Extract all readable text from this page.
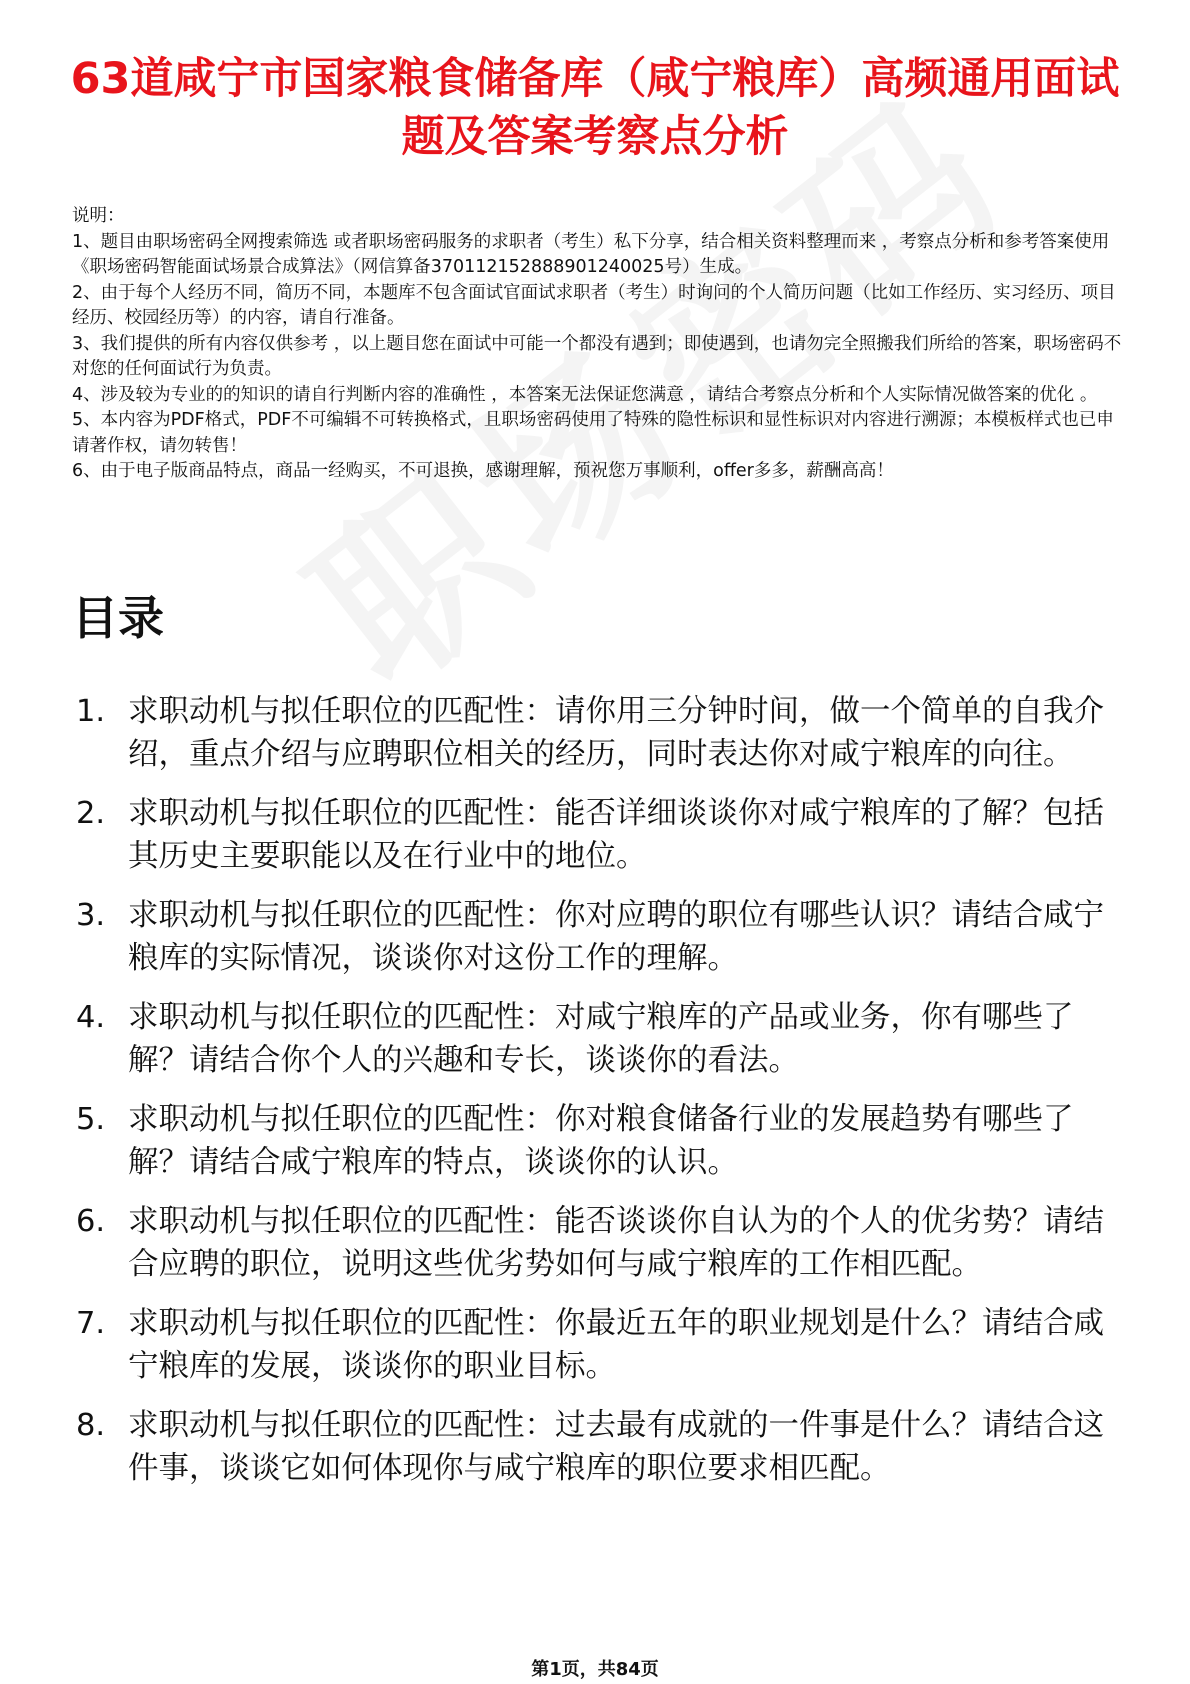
63道咸宁市国家粮食储备库（咸宁粮库）高频通用面试题及答案考察点分析

说明：

1、题目由职场密码全网搜索筛选 或者职场密码服务的求职者（考生）私下分享，结合相关资料整理而来 ，考察点分析和参考答案使用《职场密码智能面试场景合成算法》（网信算备370112152888901240025号）生成。

2、由于每个人经历不同，简历不同，本题库不包含面试官面试求职者（考生）时询问的个人简历问题（比如工作经历、实习经历、项目经历、校园经历等）的内容，请自行准备。

3、我们提供的所有内容仅供参考 ，以上题目您在面试中可能一个都没有遇到；即使遇到，也请勿完全照搬我们所给的答案，职场密码不对您的任何面试行为负责。

4、涉及较为专业的的知识的请自行判断内容的准确性 ，本答案无法保证您满意 ，请结合考察点分析和个人实际情况做答案的优化 。

5、本内容为PDF格式，PDF不可编辑不可转换格式，且职场密码使用了特殊的隐性标识和显性标识对内容进行溯源；本模板样式也已申请著作权，请勿转售！

6、由于电子版商品特点，商品一经购买，不可退换，感谢理解，预祝您万事顺利，offer多多，薪酬高高！

目录
1. 求职动机与拟任职位的匹配性：请你用三分钟时间，做一个简单的自我介绍，重点介绍与应聘职位相关的经历，同时表达你对咸宁粮库的向往。
2. 求职动机与拟任职位的匹配性：能否详细谈谈你对咸宁粮库的了解？包括其历史主要职能以及在行业中的地位。
3. 求职动机与拟任职位的匹配性：你对应聘的职位有哪些认识？请结合咸宁粮库的实际情况，谈谈你对这份工作的理解。
4. 求职动机与拟任职位的匹配性：对咸宁粮库的产品或业务，你有哪些了解？请结合你个人的兴趣和专长，谈谈你的看法。
5. 求职动机与拟任职位的匹配性：你对粮食储备行业的发展趋势有哪些了解？请结合咸宁粮库的特点，谈谈你的认识。
6. 求职动机与拟任职位的匹配性：能否谈谈你自认为的个人的优劣势？请结合应聘的职位，说明这些优劣势如何与咸宁粮库的工作相匹配。
7. 求职动机与拟任职位的匹配性：你最近五年的职业规划是什么？请结合咸宁粮库的发展，谈谈你的职业目标。
8. 求职动机与拟任职位的匹配性：过去最有成就的一件事是什么？请结合这件事，谈谈它如何体现你与咸宁粮库的职位要求相匹配。
第1页，共84页
